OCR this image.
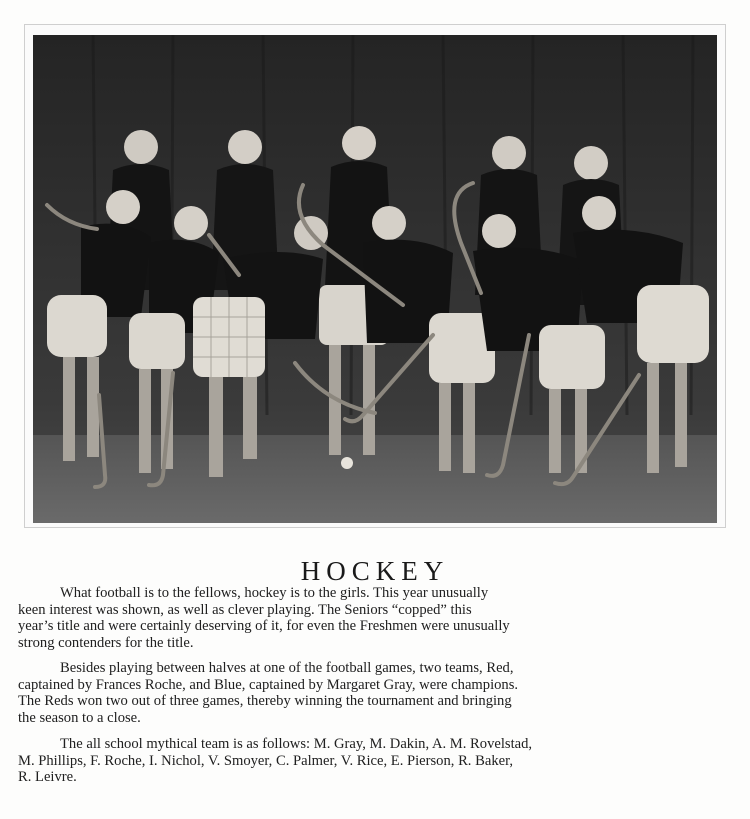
HOCKEY

What football is to the fellows, hockey is to the girls. This year unusually
keen interest was shown, as well as clever playing. The Seniors “copped” this
year’s title and were certainly deserving of it, for even the Freshmen were unusually
strong contenders for the title.

Besides playing between halves at one of the football games, two teams, Red,
captained by Frances Roche, and Blue, captained by Margaret Gray, were champions.
The Reds won two out of three games, thereby winning the tournament and bringing
the season to a close.

The all school mythical team is as follows: M. Gray, M. Dakin, A. M. Rovelstad,
M. Phillips, F. Roche, I. Nichol, V. Smoyer, C. Palmer, V. Rice, E. Pierson, R. Baker,
R. Leivre.
